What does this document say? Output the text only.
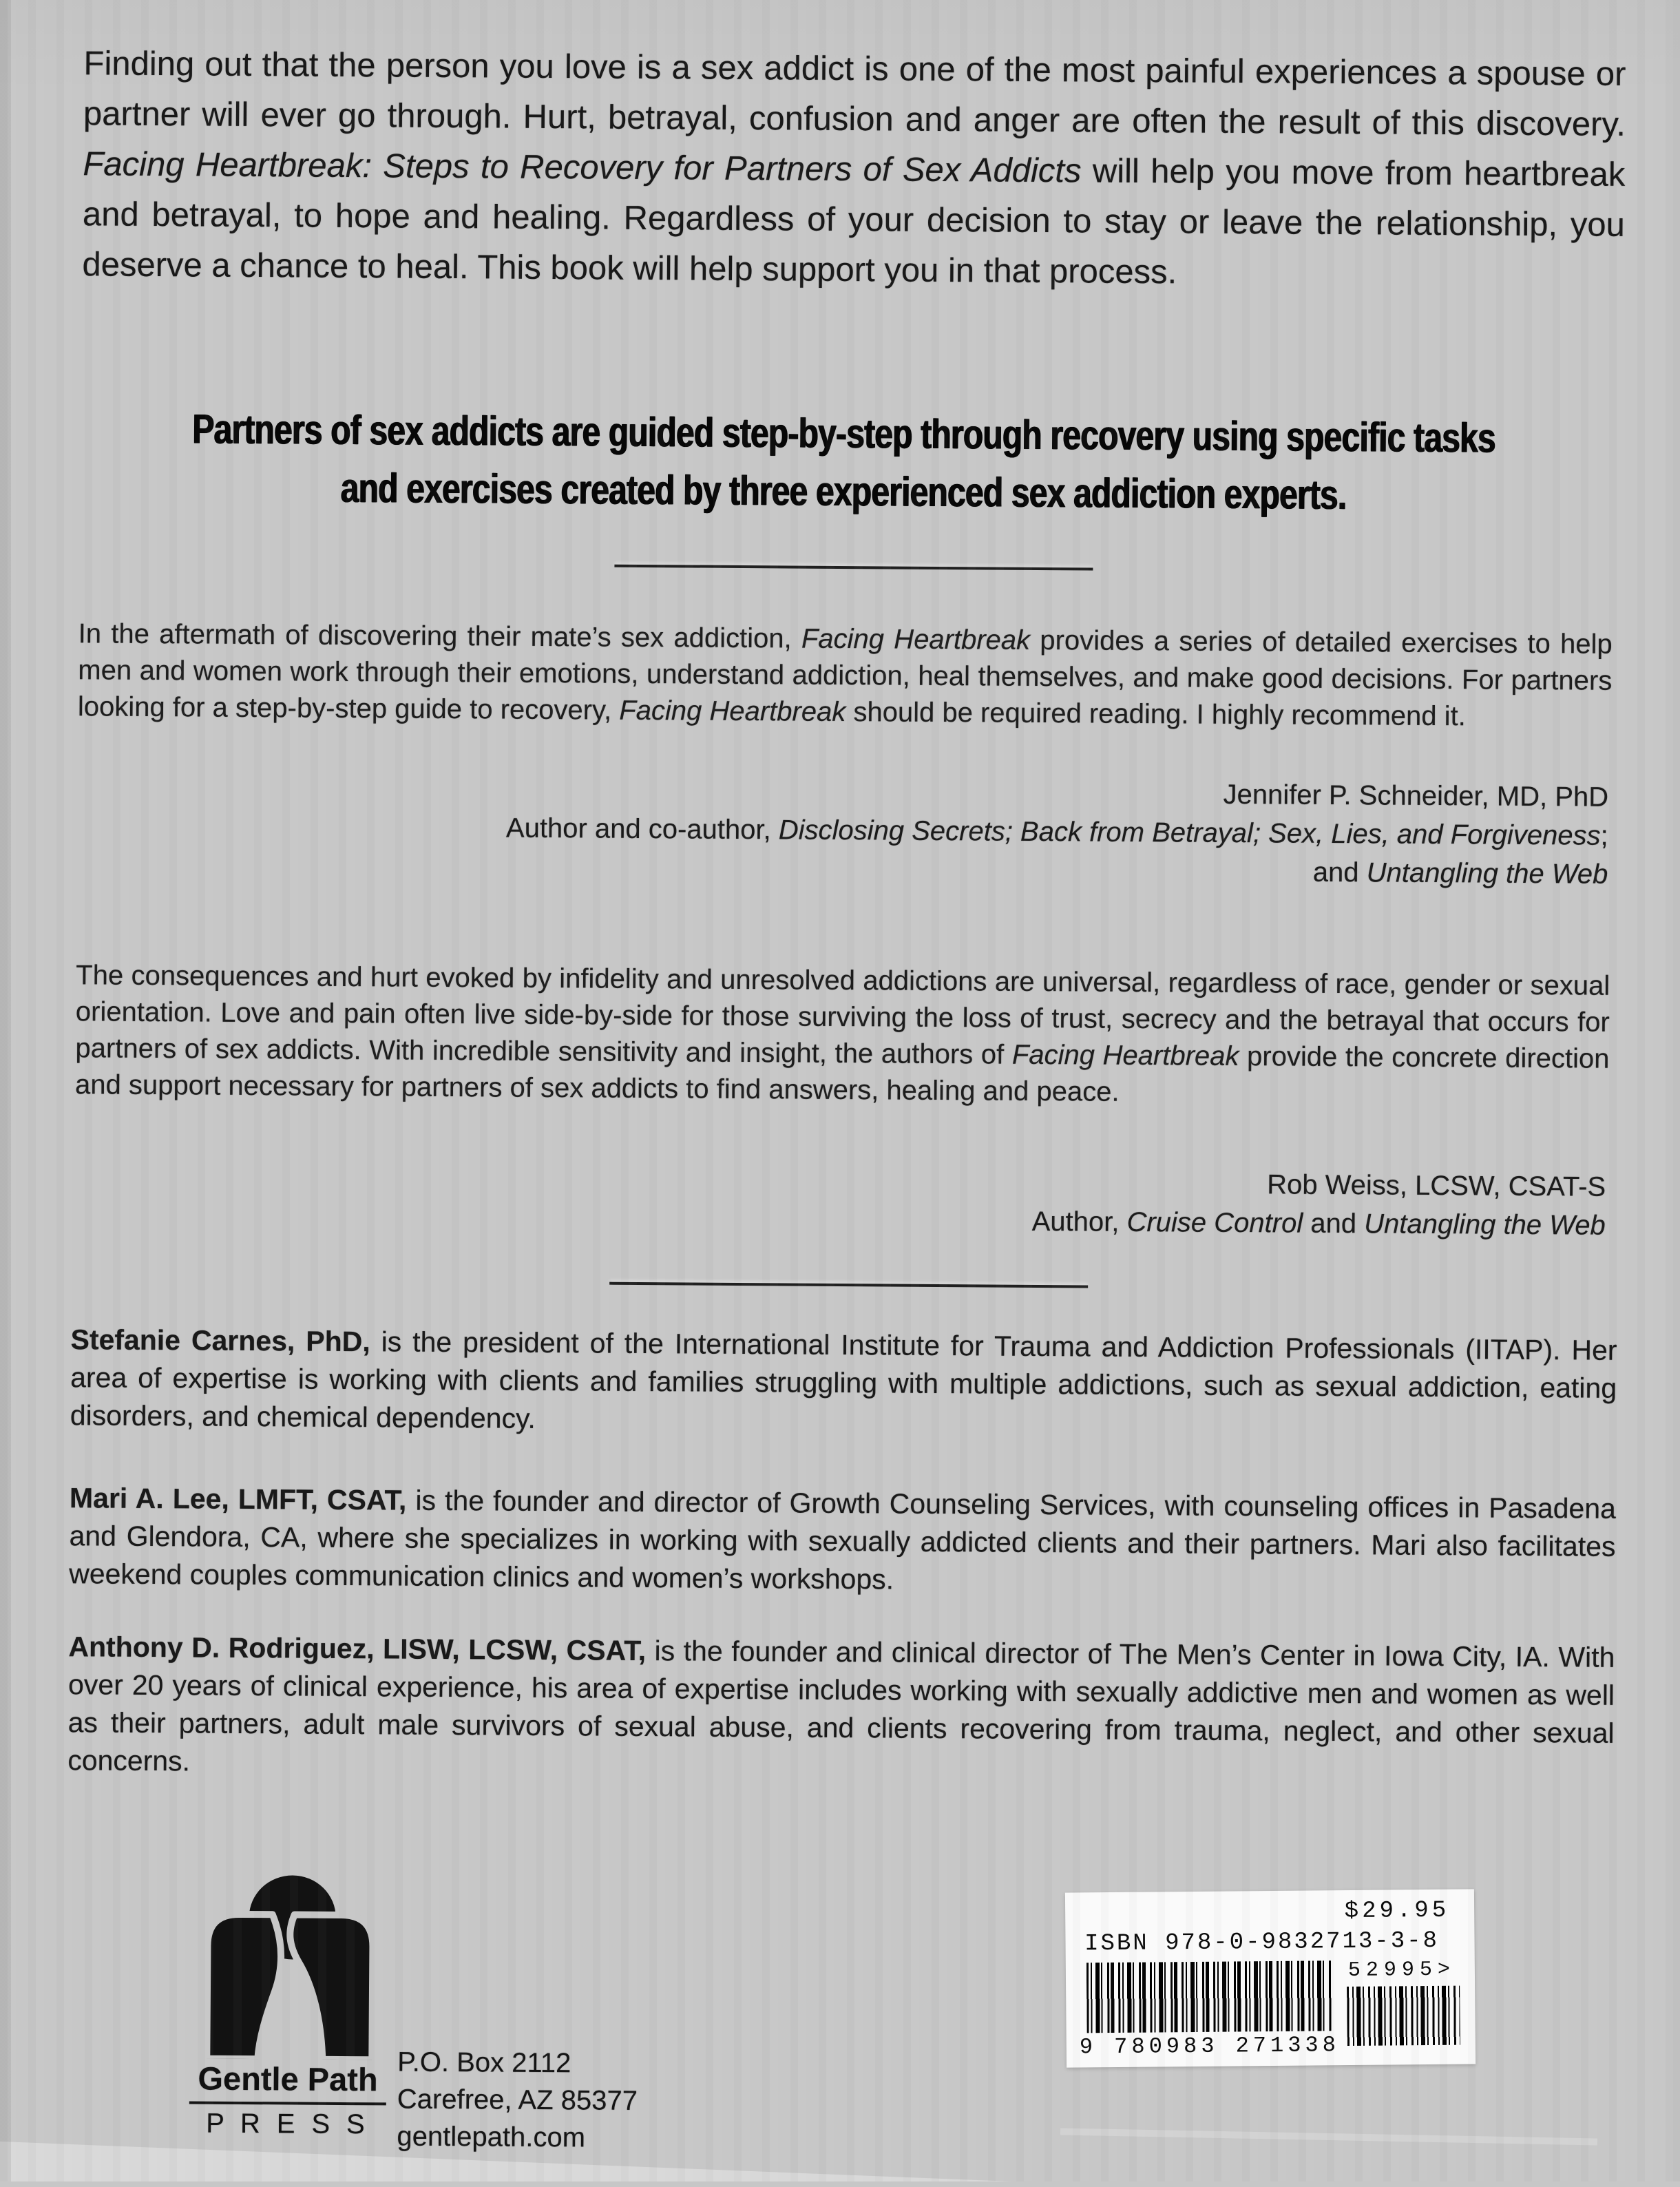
Finding out that the person you love is a sex addict is one of the most painful experiences a spouse or partner will ever go through. Hurt, betrayal, confusion and anger are often the result of this discovery. Facing Heartbreak: Steps to Recovery for Partners of Sex Addicts will help you move from heartbreak and betrayal, to hope and healing. Regardless of your decision to stay or leave the relationship, you deserve a chance to heal. This book will help support you in that process.

Partners of sex addicts are guided step-by-step through recovery using specific tasks
and exercises created by three experienced sex addiction experts.

In the aftermath of discovering their mate’s sex addiction, Facing Heartbreak provides a series of detailed exercises to help men and women work through their emotions, understand addiction, heal themselves, and make good decisions. For partners looking for a step-by-step guide to recovery, Facing Heartbreak should be required reading. I highly recommend it.

Jennifer P. Schneider, MD, PhD
Author and co-author, Disclosing Secrets; Back from Betrayal; Sex, Lies, and Forgiveness;
and Untangling the Web

The consequences and hurt evoked by infidelity and unresolved addictions are universal, regardless of race, gender or sexual orientation. Love and pain often live side-by-side for those surviving the loss of trust, secrecy and the betrayal that occurs for partners of sex addicts. With incredible sensitivity and insight, the authors of Facing Heartbreak provide the concrete direction and support necessary for partners of sex addicts to find answers, healing and peace.

Rob Weiss, LCSW, CSAT-S
Author, Cruise Control and Untangling the Web

Stefanie Carnes, PhD, is the president of the International Institute for Trauma and Addiction Professionals (IITAP). Her area of expertise is working with clients and families struggling with multiple addictions, such as sexual addiction, eating disorders, and chemical dependency.

Mari A. Lee, LMFT, CSAT, is the founder and director of Growth Counseling Services, with counseling offices in Pasadena and Glendora, CA, where she specializes in working with sexually addicted clients and their partners. Mari also facilitates weekend couples communication clinics and women’s workshops.

Anthony D. Rodriguez, LISW, LCSW, CSAT, is the founder and clinical director of The Men’s Center in Iowa City, IA. With over 20 years of clinical experience, his area of expertise includes working with sexually addictive men and women as well as their partners, adult male survivors of sexual abuse, and clients recovering from trauma, neglect, and other sexual concerns.

Gentle Path
P R E S S
P.O. Box 2112
Carefree, AZ 85377
gentlepath.com
$29.95
ISBN 978-0-9832713-3-8
9 780983 271338
52995>
